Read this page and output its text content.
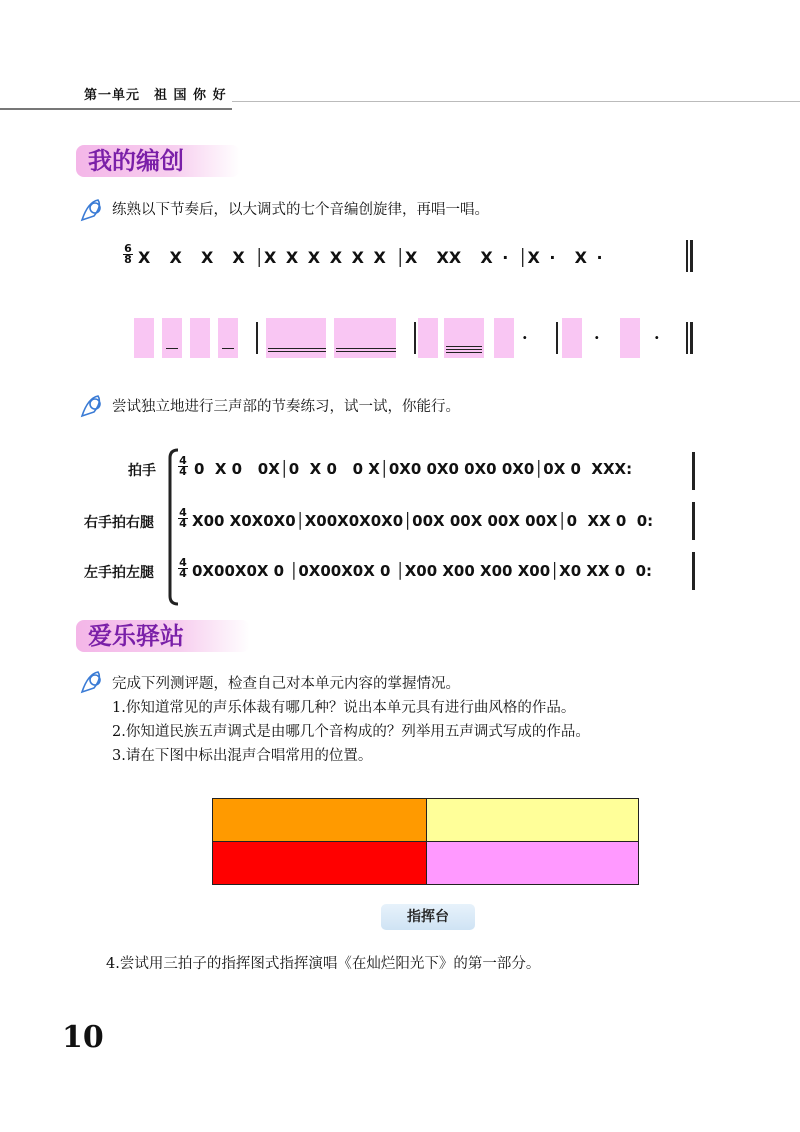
第一单元　祖 国 你 好
我的编创
练熟以下节奏后，以大调式的七个音编创旋律，再唱一唱。
6
8 X  X  X  X │X X X X X X │X  XX  X · │X ·  X ·
·	·	·
尝试独立地进行三声部的节奏练习，试一试，你能行。
拍手
4
4 0  X 0   0X│0  X 0   0 X│0X0 0X0 0X0 0X0│0X 0  XXX:
右手拍右腿
4
4 X00 X0X0X0│X00X0X0X0│00X 00X 00X 00X│0  XX 0  0:
左手拍左腿
4
4 0X00X0X 0 │0X00X0X 0 │X00 X00 X00 X00│X0 XX 0  0:
爱乐驿站
完成下列测评题，检查自己对本单元内容的掌握情况。
1.你知道常见的声乐体裁有哪几种？说出本单元具有进行曲风格的作品。
2.你知道民族五声调式是由哪几个音构成的？列举用五声调式写成的作品。
3.请在下图中标出混声合唱常用的位置。
指挥台
4.尝试用三拍子的指挥图式指挥演唱《在灿烂阳光下》的第一部分。
10
